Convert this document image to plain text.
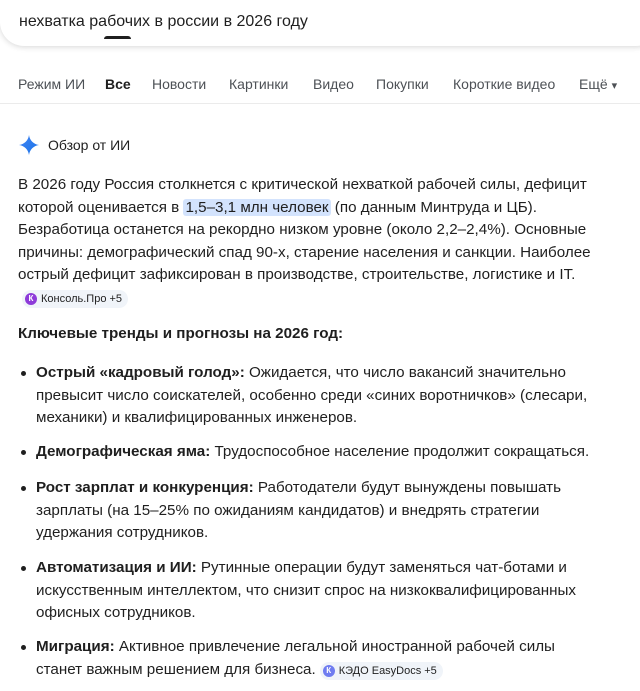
нехватка рабочих в россии в 2026 году
Режим ИИ Все Новости Картинки Видео Покупки Короткие видео Ещё ▾
Обзор от ИИ
В 2026 году Россия столкнется с критической нехваткой рабочей силы, дефицит которой оценивается в 1,5–3,1 млн человек (по данным Минтруда и ЦБ). Безработица останется на рекордно низком уровне (около 2,2–2,4%). Основные причины: демографический спад 90-х, старение населения и санкции. Наиболее острый дефицит зафиксирован в производстве, строительстве, логистике и IT.
К Консоль.Про +5
Ключевые тренды и прогнозы на 2026 год:
Острый «кадровый голод»: Ожидается, что число вакансий значительно превысит число соискателей, особенно среди «синих воротничков» (слесари, механики) и квалифицированных инженеров.
Демографическая яма: Трудоспособное население продолжит сокращаться.
Рост зарплат и конкуренция: Работодатели будут вынуждены повышать зарплаты (на 15–25% по ожиданиям кандидатов) и внедрять стратегии удержания сотрудников.
Автоматизация и ИИ: Рутинные операции будут заменяться чат-ботами и искусственным интеллектом, что снизит спрос на низкоквалифицированных офисных сотрудников.
Миграция: Активное привлечение легальной иностранной рабочей силы станет важным решением для бизнеса.	К КЭДО EasyDocs +5
